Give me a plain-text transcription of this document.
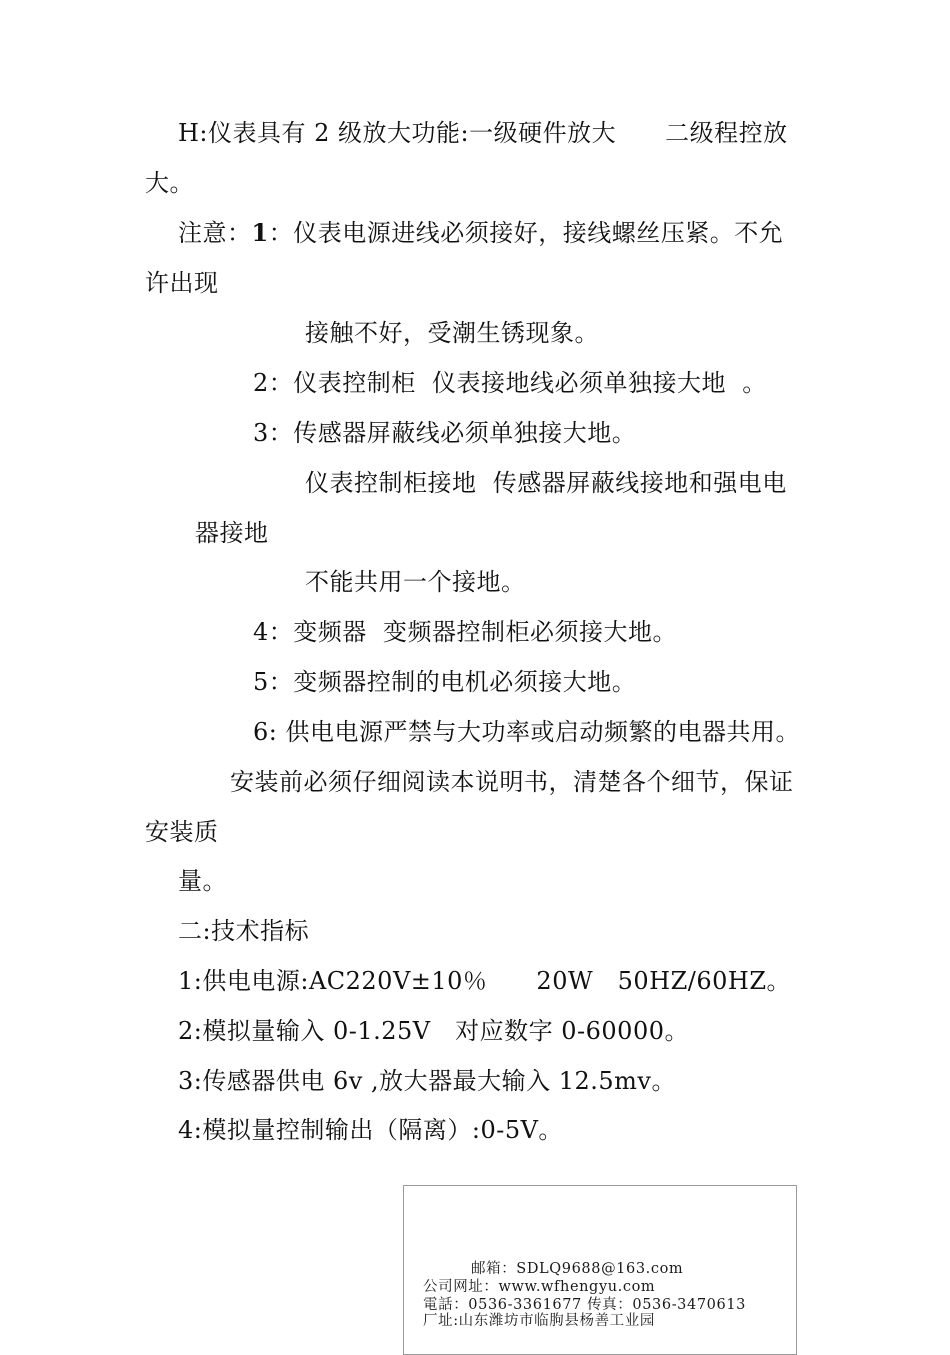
H:仪表具有 2 级放大功能:一级硬件放大　　二级程控放
大。
注意：1：仪表电源进线必须接好，接线螺丝压紧。不允
许出现
接触不好，受潮生锈现象。
2：仪表控制柜  仪表接地线必须单独接大地  。
3：传感器屏蔽线必须单独接大地。
仪表控制柜接地  传感器屏蔽线接地和强电电
器接地
不能共用一个接地。
4：变频器  变频器控制柜必须接大地。
5：变频器控制的电机必须接大地。
6: 供电电源严禁与大功率或启动频繁的电器共用。
安装前必须仔细阅读本说明书，清楚各个细节，保证
安装质
量。
二:技术指标
1:供电电源:AC220V±10％　　20W　50HZ/60HZ。
2:模拟量输入 0-1.25V　对应数字 0-60000。
3:传感器供电 6v ,放大器最大输入 12.5mv。
4:模拟量控制输出（隔离）:0-5V。
邮箱：SDLQ9688@163.com
公司网址：www.wfhengyu.com
電話：0536-3361677 传真：0536-3470613
厂址:山东潍坊市临朐县杨善工业园
